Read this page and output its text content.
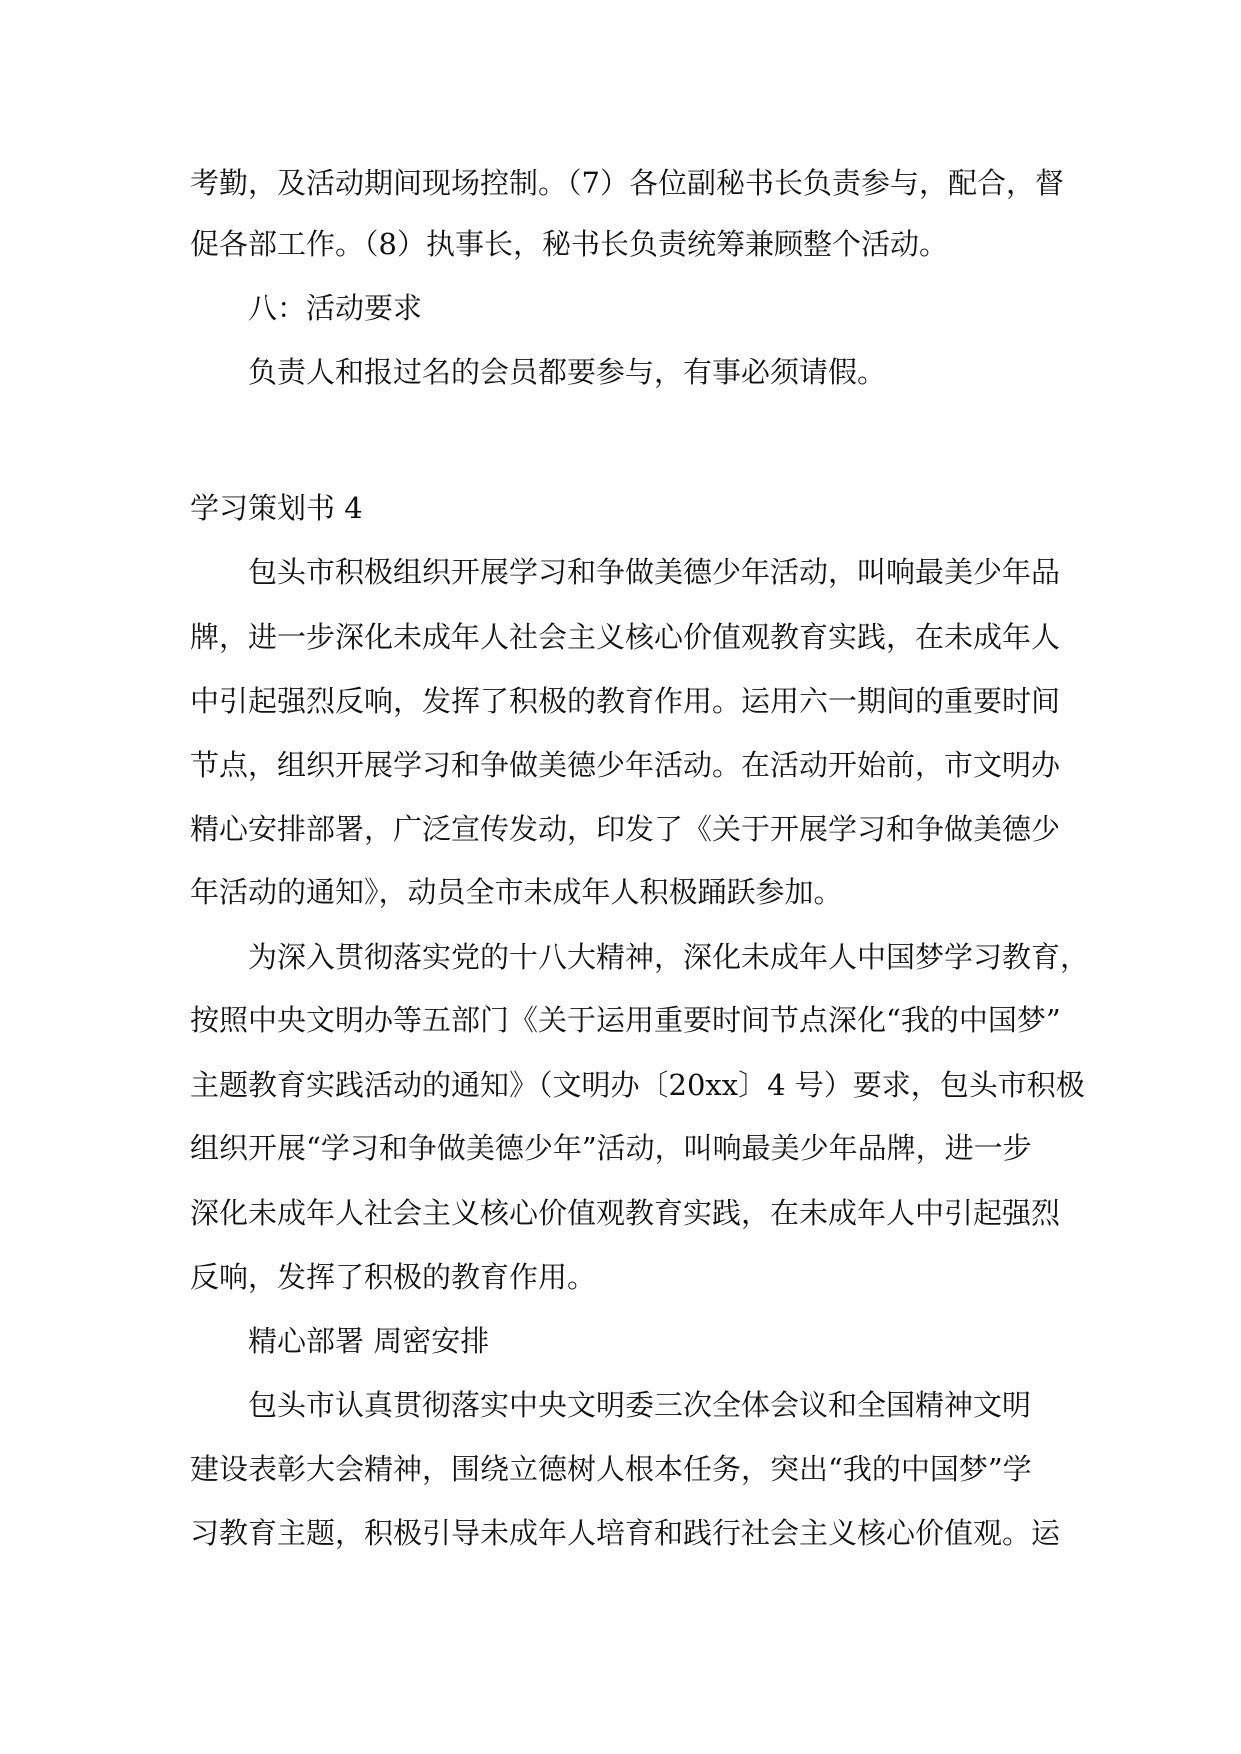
考勤，及活动期间现场控制。（7）各位副秘书长负责参与，配合，督
促各部工作。（8）执事长，秘书长负责统筹兼顾整个活动。
八：活动要求
负责人和报过名的会员都要参与，有事必须请假。
学习策划书 4
包头市积极组织开展学习和争做美德少年活动，叫响最美少年品
牌，进一步深化未成年人社会主义核心价值观教育实践，在未成年人
中引起强烈反响，发挥了积极的教育作用。运用六一期间的重要时间
节点，组织开展学习和争做美德少年活动。在活动开始前，市文明办
精心安排部署，广泛宣传发动，印发了《关于开展学习和争做美德少
年活动的通知》，动员全市未成年人积极踊跃参加。
为深入贯彻落实党的十八大精神，深化未成年人中国梦学习教育，
按照中央文明办等五部门《关于运用重要时间节点深化“我的中国梦”
主题教育实践活动的通知》（文明办〔20xx〕4 号）要求，包头市积极
组织开展“学习和争做美德少年”活动，叫响最美少年品牌，进一步
深化未成年人社会主义核心价值观教育实践，在未成年人中引起强烈
反响，发挥了积极的教育作用。
精心部署 周密安排
包头市认真贯彻落实中央文明委三次全体会议和全国精神文明
建设表彰大会精神，围绕立德树人根本任务，突出“我的中国梦”学
习教育主题，积极引导未成年人培育和践行社会主义核心价值观。运
